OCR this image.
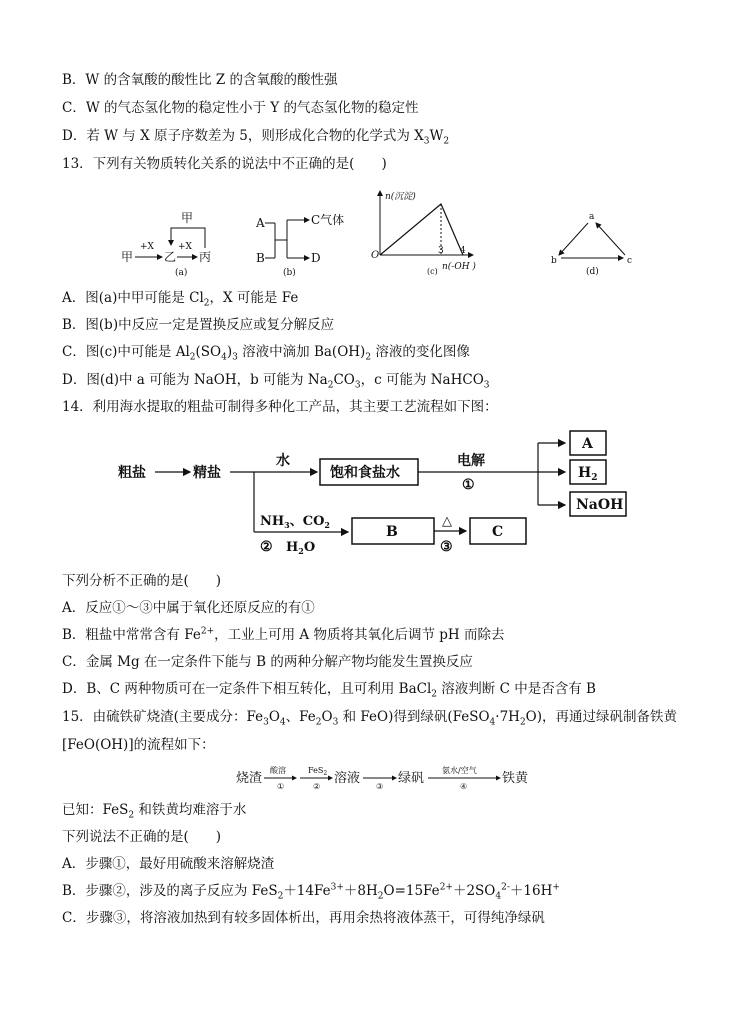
B．W 的含氧酸的酸性比 Z 的含氧酸的酸性强
C．W 的气态氢化物的稳定性小于 Y 的气态氢化物的稳定性
D．若 W 与 X 原子序数差为 5，则形成化合物的化学式为 $X_3W_2$
13．下列有关物质转化关系的说法中不正确的是(　　)
甲
甲
+X
乙
+X
丙
(a)
A
B
C气体
D
(b)
n(沉淀)
O	3 4
n(-OH )
(c)
a
b	c
(d)
A．图(a)中甲可能是 $Cl_2$，X 可能是 Fe
B．图(b)中反应一定是置换反应或复分解反应
C．图(c)中可能是 $Al_2(SO_4)_3$ 溶液中滴加 $Ba(OH)_2$ 溶液的变化图像
D．图(d)中 a 可能为 NaOH，b 可能为 $Na_2CO_3$，c 可能为 NaHCO$_3$
14．利用海水提取的粗盐可制得多种化工产品，其主要工艺流程如下图：
粗盐	精盐
水
饱和食盐水
电解
①
A
$H_2$
NaOH
$NH_3$、$CO_2$
② $H_2O$
B
△
③
C
下列分析不正确的是(　　)
A．反应①～③中属于氧化还原反应的有①
B．粗盐中常常含有 $Fe^{2+}$，工业上可用 A 物质将其氧化后调节 pH 而除去
C．金属 Mg 在一定条件下能与 B 的两种分解产物均能发生置换反应
D．B、C 两种物质可在一定条件下相互转化，且可利用 BaCl$_2$ 溶液判断 C 中是否含有 B
15．由硫铁矿烧渣(主要成分：$Fe_3O_4$、$Fe_2O_3$ 和 FeO)得到绿矾$(FeSO_4\cdot 7H_2O)$，再通过绿矾制备铁黄
[FeO(OH)]的流程如下：
烧渣
酸溶
①
FeS$_2$
②
溶液
③
绿矾
氨水/空气
④
铁黄
已知：FeS$_2$ 和铁黄均难溶于水
下列说法不正确的是(　　)
A．步骤①，最好用硫酸来溶解烧渣
B．步骤②，涉及的离子反应为 $FeS_2+14Fe^{3+}+8H_2O=15Fe^{2+}+2SO_4^{2-}+16H^+$
C．步骤③，将溶液加热到有较多固体析出，再用余热将液体蒸干，可得纯净绿矾
